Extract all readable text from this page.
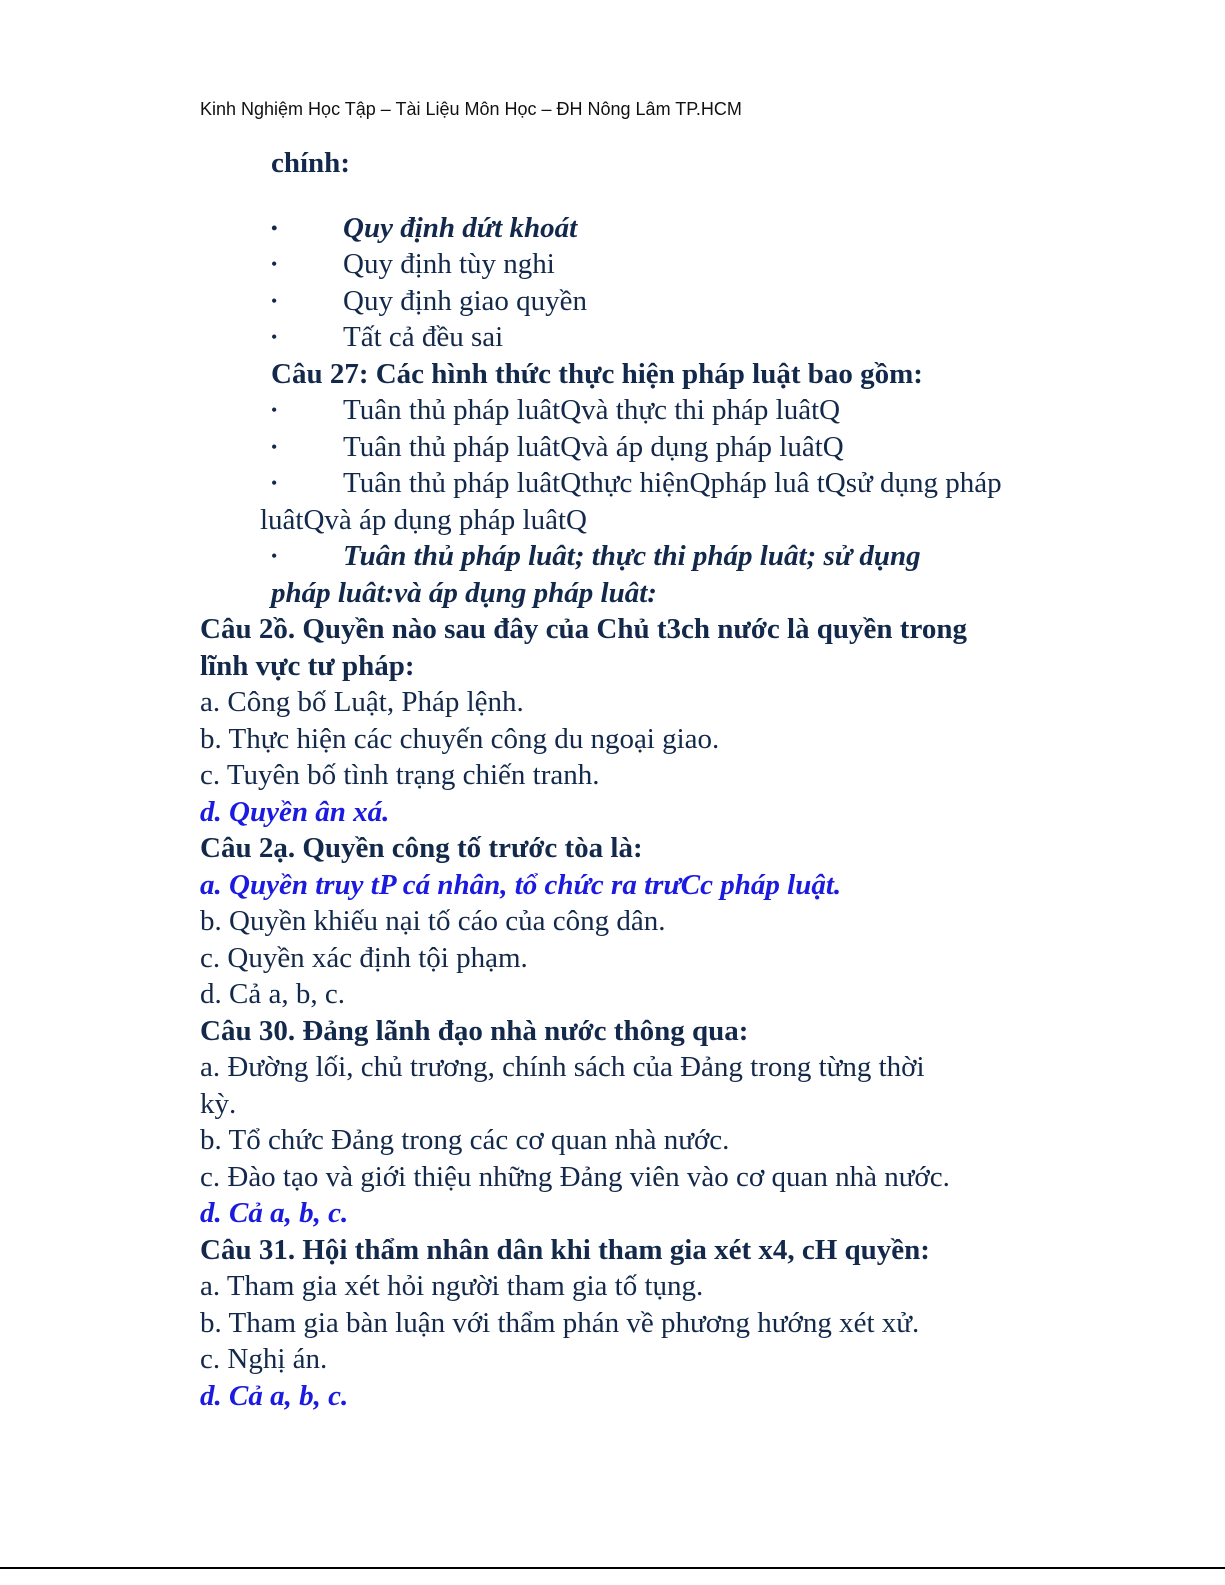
Kinh Nghiệm Học Tập – Tài Liệu Môn Học – ĐH Nông Lâm TP.HCM

chính:

•	Quy định dứt khoát

•	Quy định tùy nghi

•	Quy định giao quyền

•	Tất cả đều sai

Câu 27: Các hình thức thực hiện pháp luật bao gồm:

•	Tuân thủ pháp luâtQvà thực thi pháp luâtQ

•	Tuân thủ pháp luâtQvà áp dụng pháp luâtQ

•	Tuân thủ pháp luâtQthực hiệnQpháp luâ tQsử dụng pháp

luâtQvà áp dụng pháp luâtQ

•	Tuân thủ pháp luât; thực thi pháp luât; sử dụng

pháp luât:và áp dụng pháp luât:

Câu 2ồ. Quyền nào sau đây của Chủ t3ch nước là quyền trong

lĩnh vực tư pháp:

a. Công bố Luật, Pháp lệnh.

b. Thực hiện các chuyến công du ngoại giao.

c. Tuyên bố tình trạng chiến tranh.

d. Quyền ân xá.

Câu 2ạ. Quyền công tố trước tòa là:

a. Quyền truy tP cá nhân, tổ chức ra trưCc pháp luật.

b. Quyền khiếu nại tố cáo của công dân.

c. Quyền xác định tội phạm.

d. Cả a, b, c.

Câu 30. Đảng lãnh đạo nhà nước thông qua:

a. Đường lối, chủ trương, chính sách của Đảng trong từng thời

kỳ.

b. Tổ chức Đảng trong các cơ quan nhà nước.

c. Đào tạo và giới thiệu những Đảng viên vào cơ quan nhà nước.

d. Cả a, b, c.

Câu 31. Hội thẩm nhân dân khi tham gia xét x4, cH quyền:

a. Tham gia xét hỏi người tham gia tố tụng.

b. Tham gia bàn luận với thẩm phán về phương hướng xét xử.

c. Nghị án.

d. Cả a, b, c.
